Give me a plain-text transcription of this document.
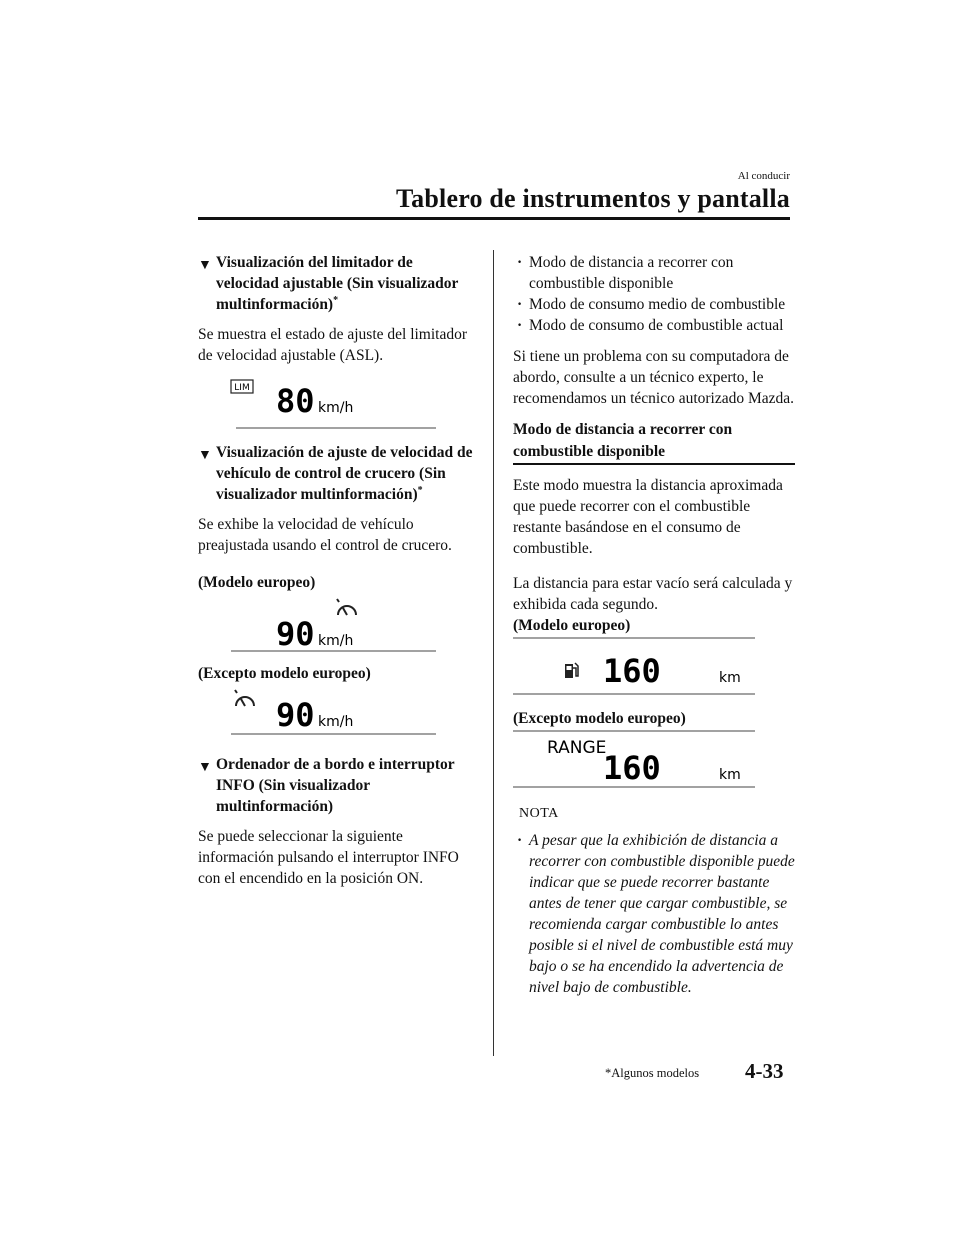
Al conducir
Tablero de instrumentos y pantalla
▼ Visualización del limitador de velocidad ajustable (Sin visualizador multinformación)*

Se muestra el estado de ajuste del limitador de velocidad ajustable (ASL).

LIM 80 km/h
▼ Visualización de ajuste de velocidad de vehículo de control de crucero (Sin visualizador multinformación)*

Se exhibe la velocidad de vehículo preajustada usando el control de crucero.

(Modelo europeo)
90 km/h
(Excepto modelo europeo)
90 km/h
▼ Ordenador de a bordo e interruptor INFO (Sin visualizador multinformación)

Se puede seleccionar la siguiente información pulsando el interruptor INFO con el encendido en la posición ON.

· Modo de distancia a recorrer con combustible disponible
· Modo de consumo medio de combustible
· Modo de consumo de combustible actual

Si tiene un problema con su computadora de abordo, consulte a un técnico experto, le recomendamos un técnico autorizado Mazda.

Modo de distancia a recorrer con combustible disponible

Este modo muestra la distancia aproximada que puede recorrer con el combustible restante basándose en el consumo de combustible.

La distancia para estar vacío será calculada y exhibida cada segundo.

(Modelo europeo)
160	km
(Excepto modelo europeo)
RANGE
160	km
NOTA
· A pesar que la exhibición de distancia a recorrer con combustible disponible puede indicar que se puede recorrer bastante antes de tener que cargar combustible, se recomienda cargar combustible lo antes posible si el nivel de combustible está muy bajo o se ha encendido la advertencia de nivel bajo de combustible.
*Algunos modelos 4-33
